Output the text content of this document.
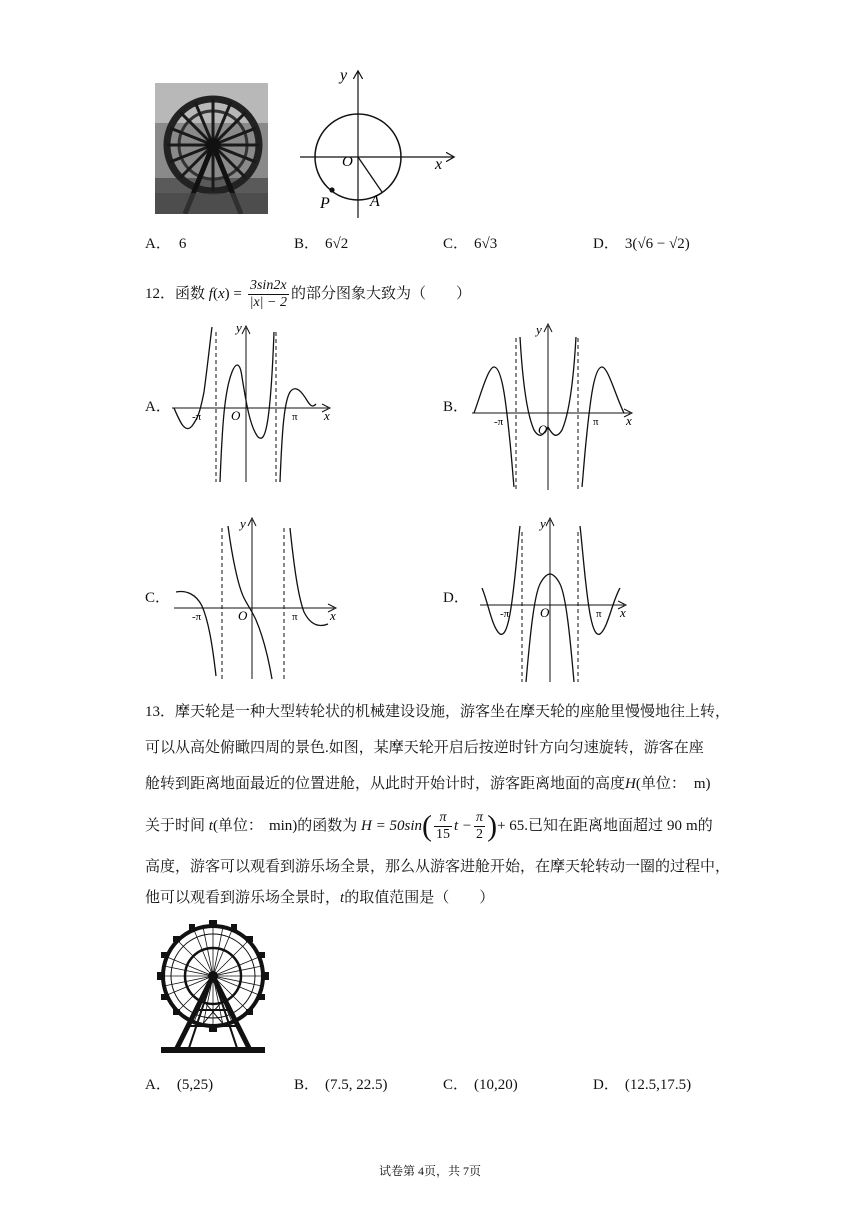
y
x
O
P	A
A． 6	B． 6√2	C． 6√3	D． 3(√6 − √2)
12．函数 $f(x) = \frac{3\sin 2x}{|x| - 2}$ 的部分图象大致为（　　）
A．	B．
C．	D．
y
x
O
-π	π
y
x
O
-π	π
y
x
O
-π	π
y
x
O
-π	π
13．摩天轮是一种大型转轮状的机械建设设施，游客坐在摩天轮的座舱里慢慢地往上转，
可以从高处俯瞰四周的景色.如图，某摩天轮开启后按逆时针方向匀速旋转，游客在座
舱转到距离地面最近的位置进舱，从此时开始计时，游客距离地面的高度H(单位： m)
关于时间 t(单位： min)的函数为 $H = 50\sin( \frac{\pi}{15}$ $t - \frac{\pi}{2}$ )+ 65.已知在距离地面超过 90 m的
高度，游客可以观看到游乐场全景，那么从游客进舱开始，在摩天轮转动一圈的过程中，
他可以观看到游乐场全景时，t的取值范围是（　　）
A． (5,25)	B． (7.5, 22.5)	C． (10,20)	D． (12.5,17.5)
试卷第 4页，共 7页
